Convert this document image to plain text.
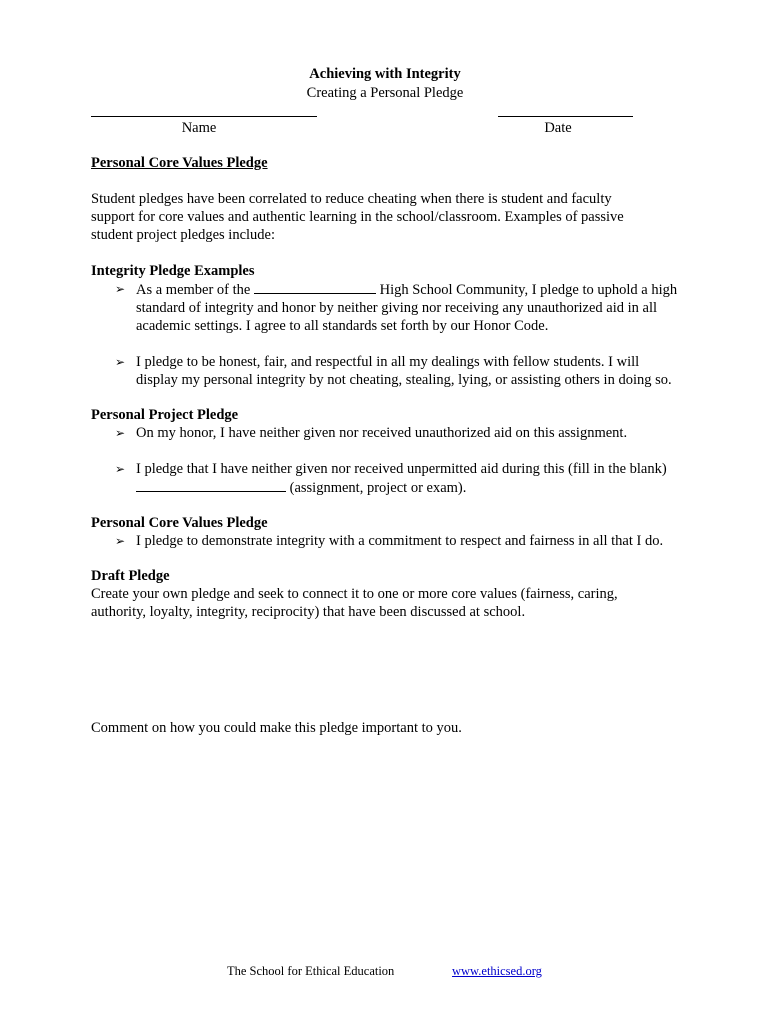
Achieving with Integrity
Creating a Personal Pledge
Name	Date

Personal Core Values Pledge

Student pledges have been correlated to reduce cheating when there is student and faculty support for core values and authentic learning in the school/classroom. Examples of passive student project pledges include:

Integrity Pledge Examples

➢ As a member of the	High School Community, I pledge to uphold a high standard of integrity and honor by neither giving nor receiving any unauthorized aid in all academic settings. I agree to all standards set forth by our Honor Code.
➢ I pledge to be honest, fair, and respectful in all my dealings with fellow students. I will display my personal integrity by not cheating, stealing, lying, or assisting others in doing so.

Personal Project Pledge

➢ On my honor, I have neither given nor received unauthorized aid on this assignment.
➢ I pledge that I have neither given nor received unpermitted aid during this (fill in the blank)  (assignment, project or exam).

Personal Core Values Pledge

➢ I pledge to demonstrate integrity with a commitment to respect and fairness in all that I do.

Draft Pledge

Create your own pledge and seek to connect it to one or more core values (fairness, caring, authority, loyalty, integrity, reciprocity) that have been discussed at school.

Comment on how you could make this pledge important to you.

The School for Ethical Education	www.ethicsed.org
